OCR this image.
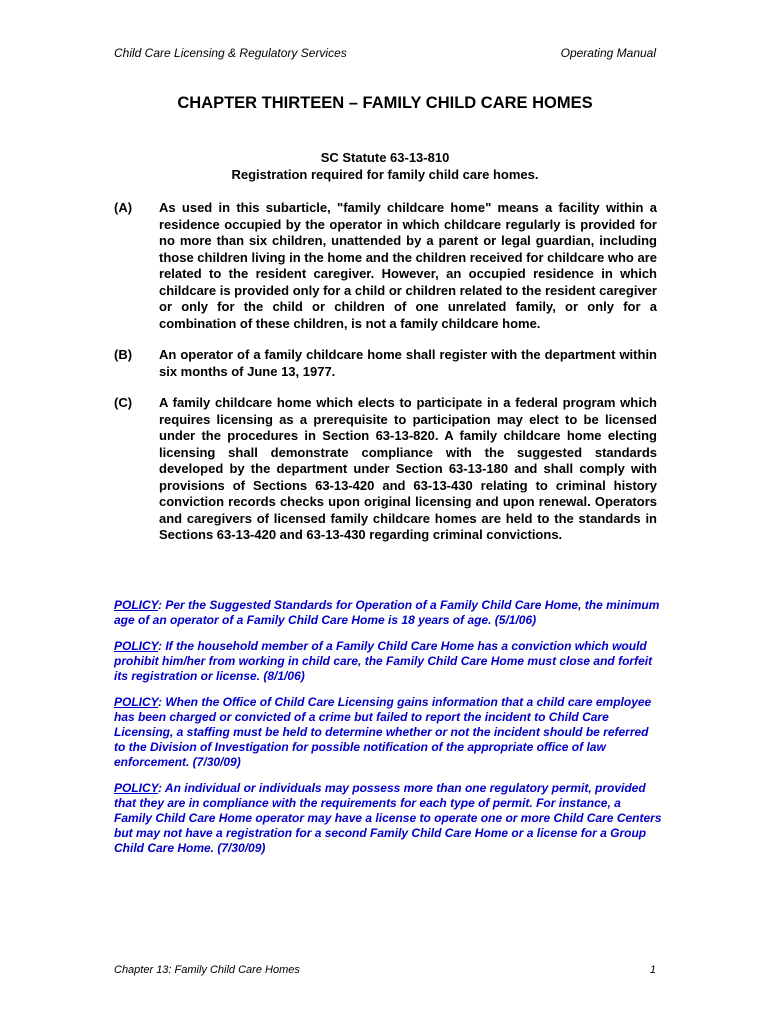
Child Care Licensing & Regulatory Services	Operating Manual
CHAPTER THIRTEEN – FAMILY CHILD CARE HOMES
SC Statute 63-13-810
Registration required for family child care homes.
(A)	As used in this subarticle, "family childcare home" means a facility within a residence occupied by the operator in which childcare regularly is provided for no more than six children, unattended by a parent or legal guardian, including those children living in the home and the children received for childcare who are related to the resident caregiver. However, an occupied residence in which childcare is provided only for a child or children related to the resident caregiver or only for the child or children of one unrelated family, or only for a combination of these children, is not a family childcare home.
(B)	An operator of a family childcare home shall register with the department within six months of June 13, 1977.
(C)	A family childcare home which elects to participate in a federal program which requires licensing as a prerequisite to participation may elect to be licensed under the procedures in Section 63-13-820. A family childcare home electing licensing shall demonstrate compliance with the suggested standards developed by the department under Section 63-13-180 and shall comply with provisions of Sections 63-13-420 and 63-13-430 relating to criminal history conviction records checks upon original licensing and upon renewal. Operators and caregivers of licensed family childcare homes are held to the standards in Sections 63-13-420 and 63-13-430 regarding criminal convictions.
POLICY: Per the Suggested Standards for Operation of a Family Child Care Home, the minimum age of an operator of a Family Child Care Home is 18 years of age. (5/1/06)
POLICY: If the household member of a Family Child Care Home has a conviction which would prohibit him/her from working in child care, the Family Child Care Home must close and forfeit its registration or license. (8/1/06)
POLICY: When the Office of Child Care Licensing gains information that a child care employee has been charged or convicted of a crime but failed to report the incident to Child Care Licensing, a staffing must be held to determine whether or not the incident should be referred to the Division of Investigation for possible notification of the appropriate office of law enforcement. (7/30/09)
POLICY: An individual or individuals may possess more than one regulatory permit, provided that they are in compliance with the requirements for each type of permit. For instance, a Family Child Care Home operator may have a license to operate one or more Child Care Centers but may not have a registration for a second Family Child Care Home or a license for a Group Child Care Home. (7/30/09)
Chapter 13: Family Child Care Homes	1
